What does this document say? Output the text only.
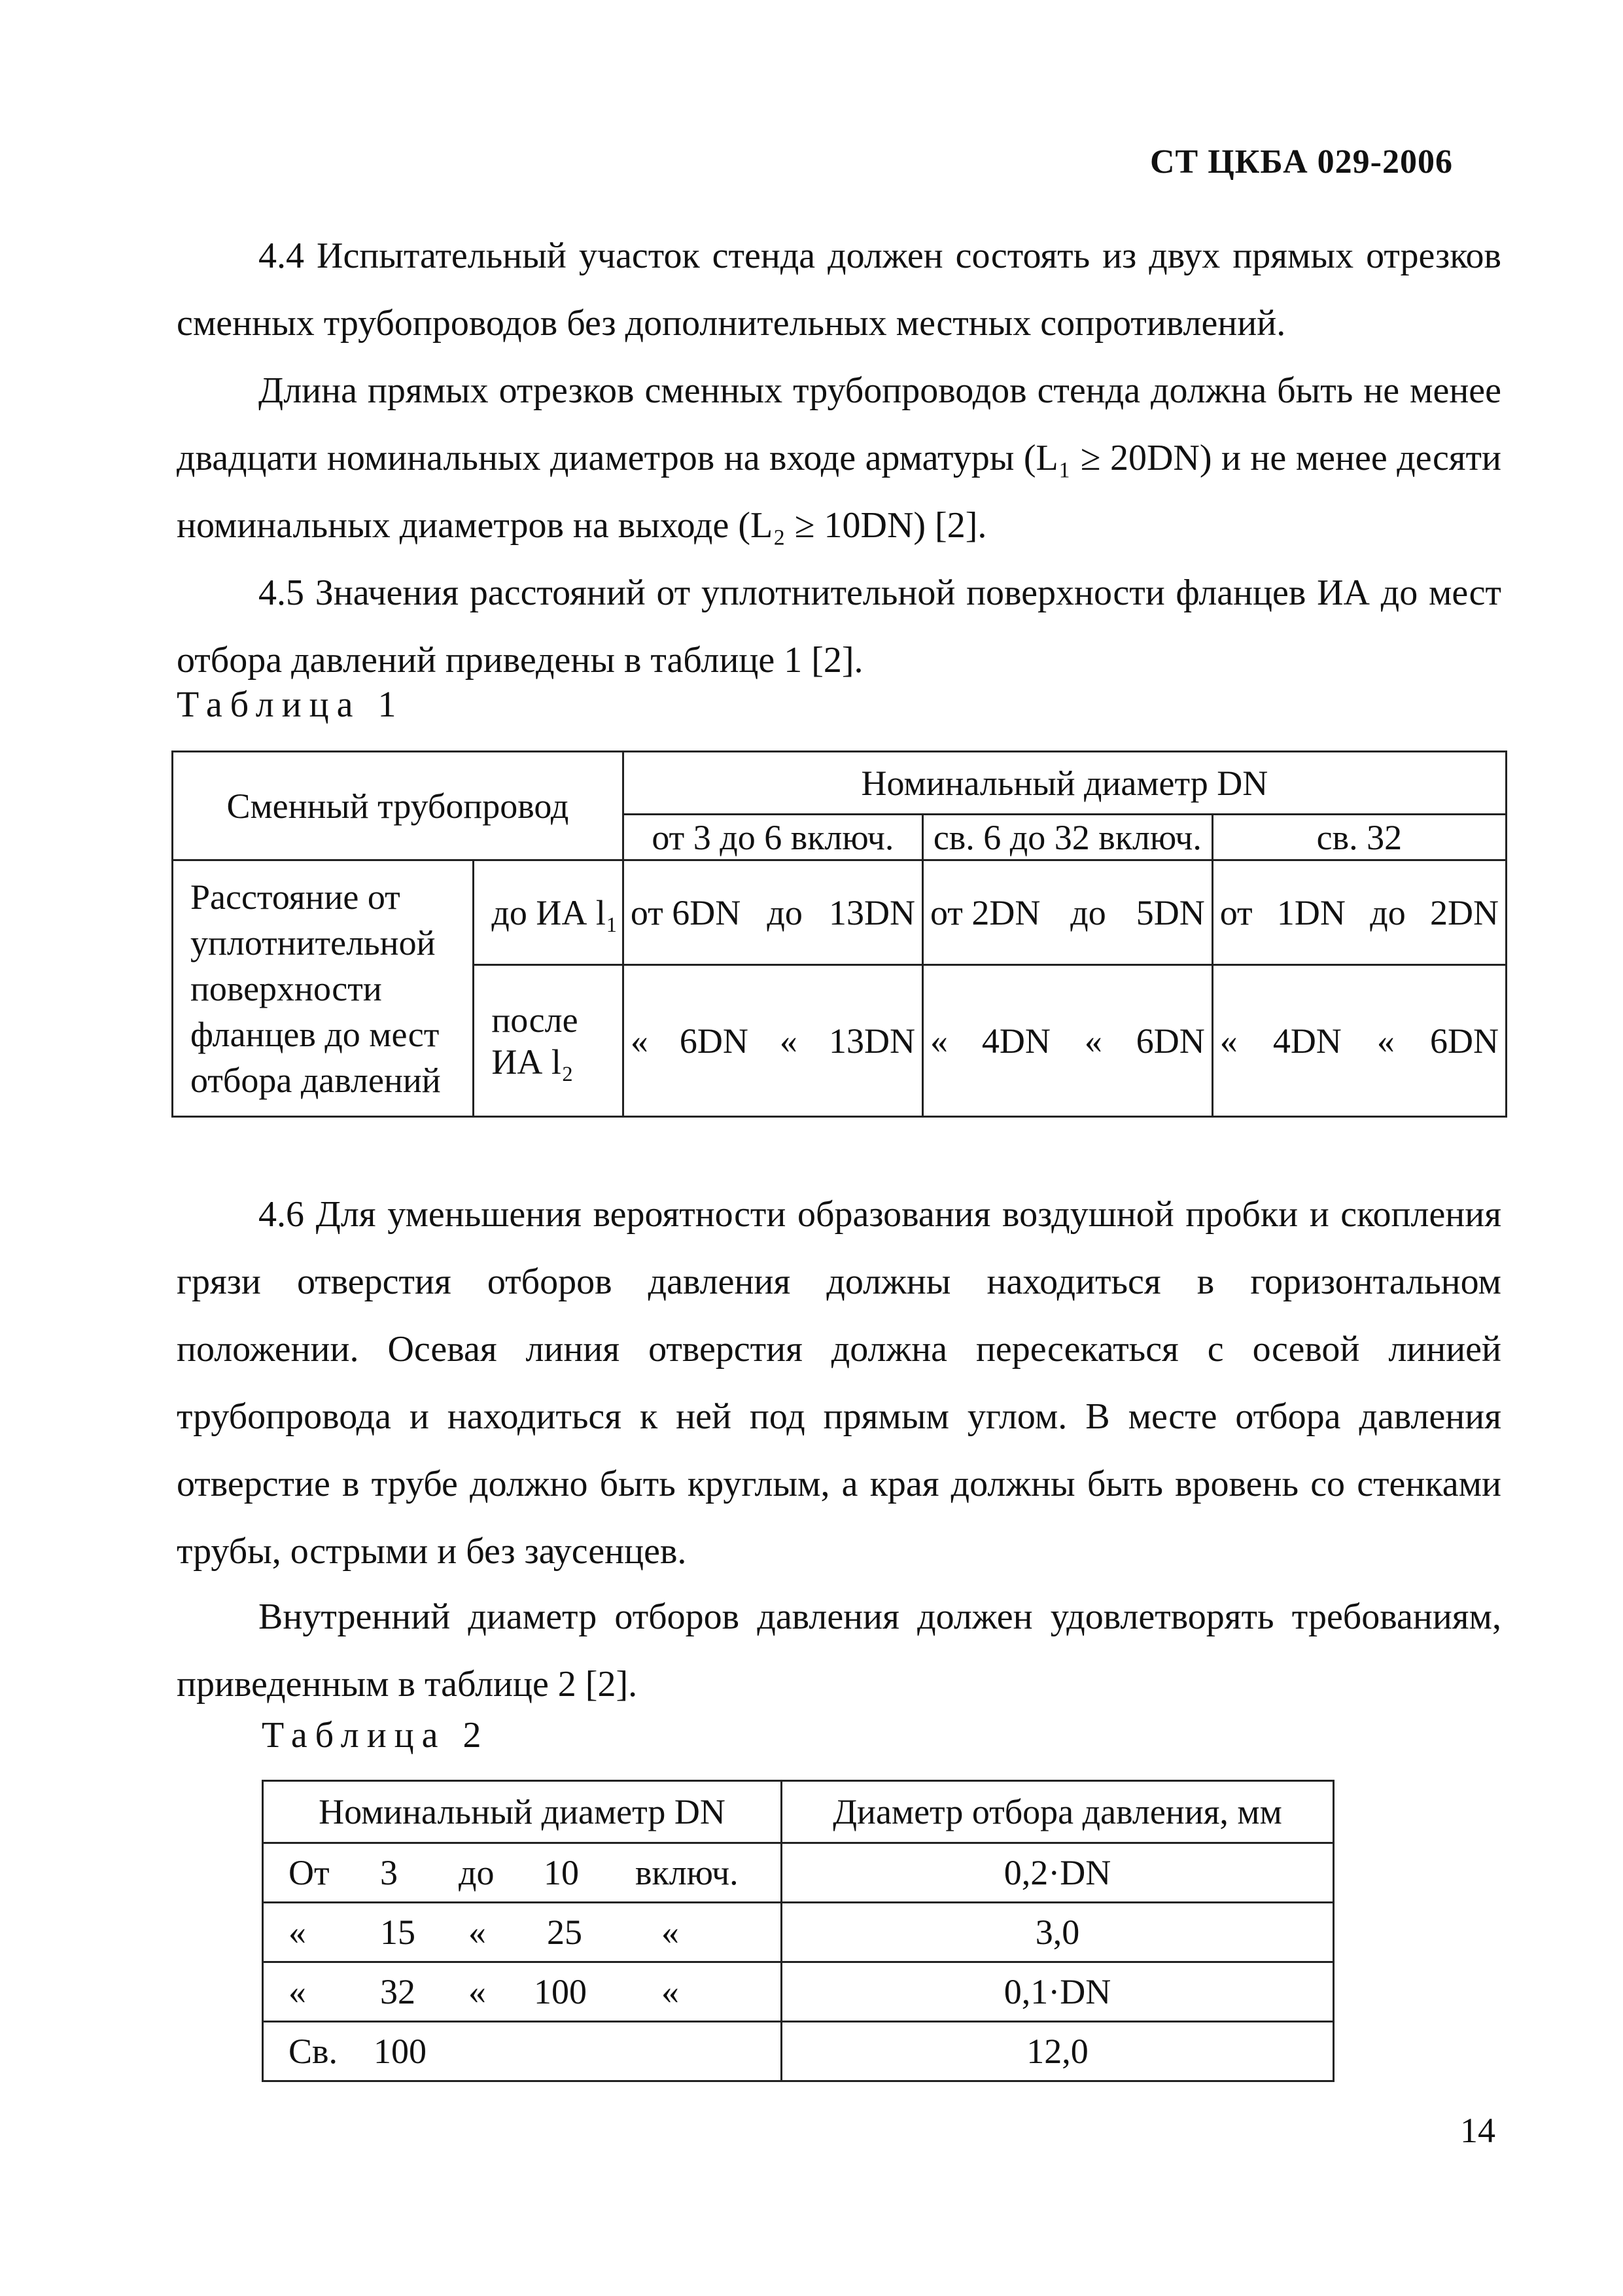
СТ ЦКБА 029-2006
4.4 Испытательный участок стенда должен состоять из двух прямых отрезков сменных трубопроводов без дополнительных местных сопротивлений.
Длина прямых отрезков сменных трубопроводов стенда должна быть не менее двадцати номинальных диаметров на входе арматуры (L₁ ≥ 20DN) и не менее десяти номинальных диаметров на выходе (L₂ ≥ 10DN) [2].
4.5 Значения расстояний от уплотнительной поверхности фланцев ИА до мест отбора давлений приведены в таблице 1 [2].
Таблица 1
Сменный трубопровод		Номинальный диаметр DN		
		от 3 до 6 включ.	св. 6 до 32 включ.	св. 32
Расстояние от уплотнительной поверхности фланцев до мест отбора давлений	до ИА l₁	от 6DN до 13DN	от 2DN до 5DN	от 1DN до 2DN

	после ИА l₂	« 6DN « 13DN	« 4DN « 6DN	« 4DN « 6DN
4.6 Для уменьшения вероятности образования воздушной пробки и скопления грязи отверстия отборов давления должны находиться в горизонтальном положении. Осевая линия отверстия должна пересекаться с осевой линией трубопровода и находиться к ней под прямым углом. В месте отбора давления отверстие в трубе должно быть круглым, а края должны быть вровень со стенками трубы, острыми и без заусенцев.
Внутренний диаметр отборов давления должен удовлетворять требованиям, приведенным в таблице 2 [2].
Таблица 2
Номинальный диаметр DN	Диаметр отбора давления, мм

От 3 до 10 включ.	0,2·DN

« 15 « 25 «	3,0

« 32 « 100 «	0,1·DN

Св. 100	12,0
14
